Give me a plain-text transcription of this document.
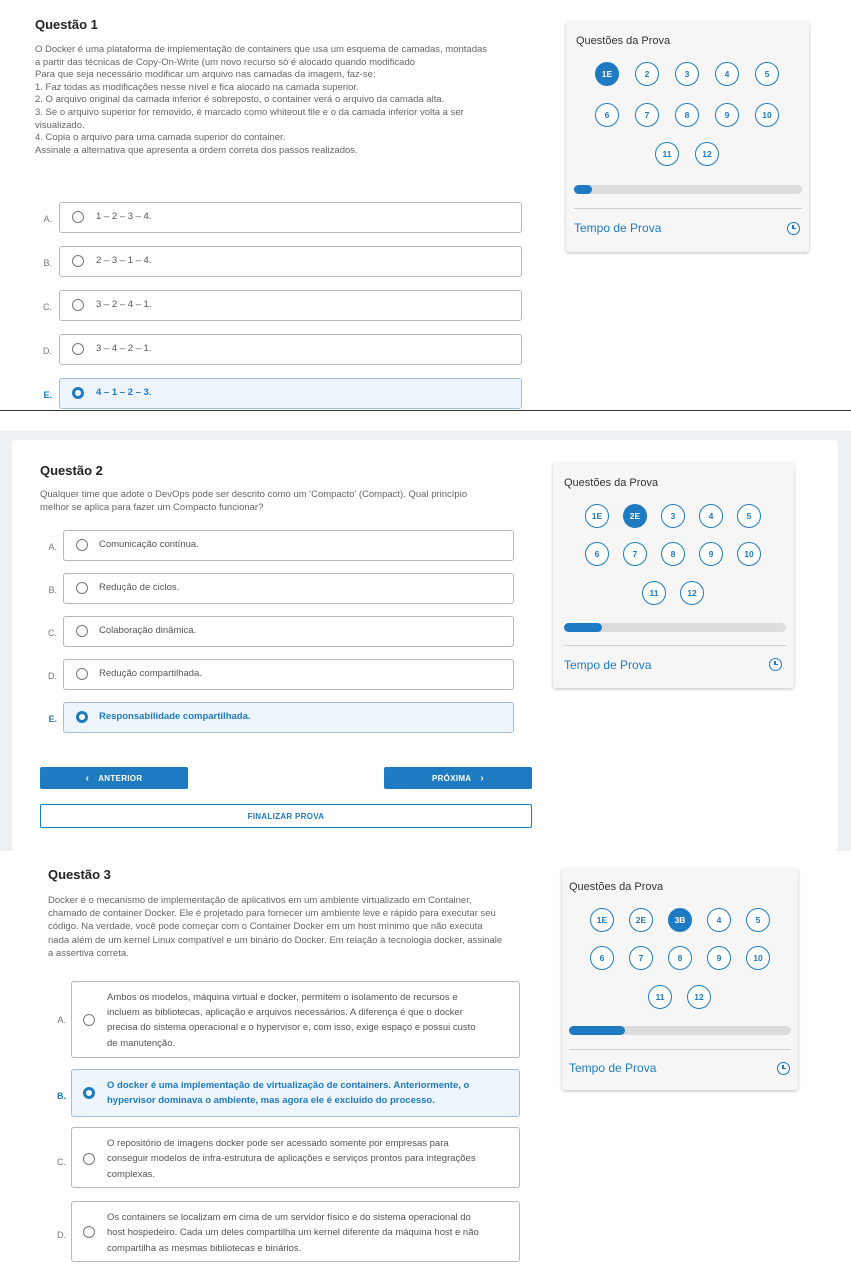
Questão 1
O Docker é uma plataforma de implementação de containers que usa um esquema de camadas, montadas
a partir das técnicas de Copy-On-Write (um novo recurso só é alocado quando modificado
Para que seja necessário modificar um arquivo nas camadas da imagem, faz-se:
1. Faz todas as modificações nesse nível e fica alocado na camada superior.
2. O arquivo original da camada inferior é sobreposto, o container verá o arquivo da camada alta.
3. Se o arquivo superior for removido, é marcado como whiteout file e o da camada inferior volta a ser
visualizado.
4. Copia o arquivo para uma camada superior do container.
Assinale a alternativa que apresenta a ordem correta dos passos realizados.
A.	1 – 2 – 3 – 4.
B.	2 – 3 – 1 – 4.
C.	3 – 2 – 4 – 1.
D.	3 – 4 – 2 – 1.
E.	4 – 1 – 2 – 3.
Questões da Prova
1E	2	3	4	5
6	7	8	9	10
11	12
Tempo de Prova
Questão 2
Qualquer time que adote o DevOps pode ser descrito como um 'Compacto' (Compact). Qual princípio
melhor se aplica para fazer um Compacto funcionar?
A.	Comunicação contínua.
B.	Redução de ciclos.
C.	Colaboração dinâmica.
D.	Redução compartilhada.
E.	Responsabilidade compartilhada.
‹ ANTERIOR	PRÓXIMA ›
FINALIZAR PROVA
Questões da Prova
1E	2E	3	4	5
6	7	8	9	10
11	12
Tempo de Prova
Questão 3
Docker é o mecanismo de implementação de aplicativos em um ambiente virtualizado em Container,
chamado de container Docker. Ele é projetado para fornecer um ambiente leve e rápido para executar seu
código. Na verdade, você pode começar com o Container Docker em um host mínimo que não executa
nada além de um kernel Linux compatível e um binário do Docker. Em relação à tecnologia docker, assinale
a assertiva correta.
A.
Ambos os modelos, máquina virtual e docker, permitem o isolamento de recursos e
incluem as bibliotecas, aplicação e arquivos necessários. A diferença é que o docker
precisa do sistema operacional e o hypervisor e, com isso, exige espaço e possui custo
de manutenção.
B.
O docker é uma implementação de virtualização de containers. Anteriormente, o
hypervisor dominava o ambiente, mas agora ele é excluído do processo.
C.
O repositório de imagens docker pode ser acessado somente por empresas para
conseguir modelos de infra-estrutura de aplicações e serviços prontos para integrações
complexas.
D.
Os containers se localizam em cima de um servidor físico e do sistema operacional do
host hospedeiro. Cada um deles compartilha um kernel diferente da máquina host e não
compartilha as mesmas bibliotecas e binários.
Questões da Prova
1E	2E	3B	4	5
6	7	8	9	10
11	12
Tempo de Prova
